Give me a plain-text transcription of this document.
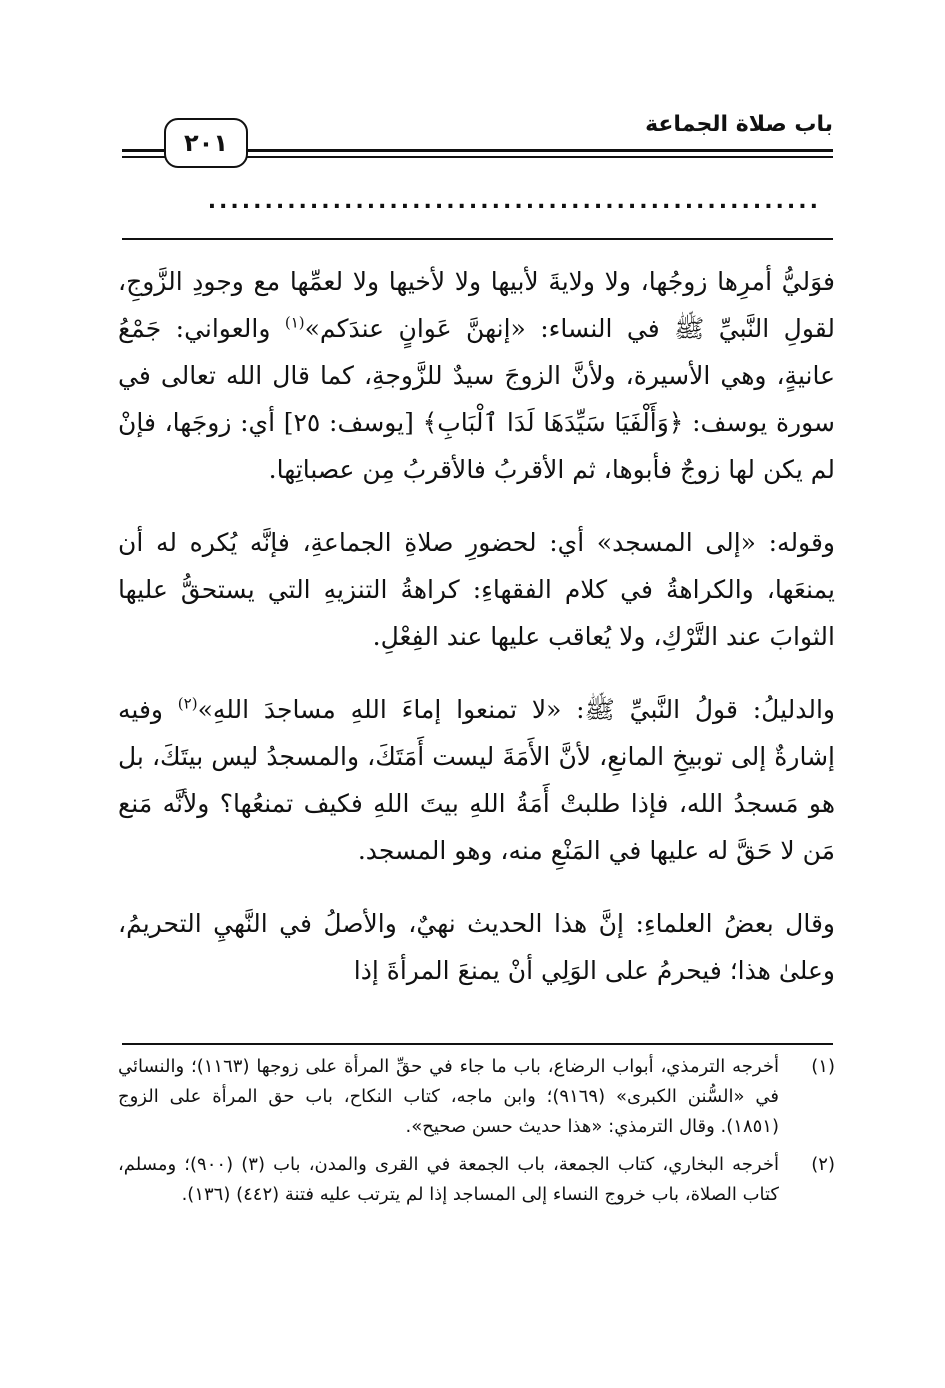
٢٠١
باب صلاة الجماعة
......................................................

فوَليُّ أمرِها زوجُها، ولا ولايةَ لأبيها ولا لأخيها ولا لعمِّها مع وجودِ الزَّوجِ، لقولِ النَّبيِّ ﷺ في النساء: «إنهنَّ عَوانٍ عندَكم»$^{(١)}$ والعواني: جَمْعُ عانيةٍ، وهي الأسيرة، ولأنَّ الزوجَ سيدٌ للزَّوجةِ، كما قال الله تعالى في سورة يوسف: ﴿وَأَلْفَيَا سَيِّدَهَا لَدَا ٱلْبَابِ﴾ [يوسف: ٢٥] أي: زوجَها، فإنْ لم يكن لها زوجٌ فأبوها، ثم الأقربُ فالأقربُ مِن عصباتِها.

وقوله: «إلى المسجد» أي: لحضورِ صلاةِ الجماعةِ، فإنَّه يُكره له أن يمنعَها، والكراهةُ في كلام الفقهاءِ: كراهةُ التنزيهِ التي يستحقُّ عليها الثوابَ عند التَّرْكِ، ولا يُعاقب عليها عند الفِعْلِ.

والدليلُ: قولُ النَّبيِّ ﷺ: «لا تمنعوا إماءَ اللهِ مساجدَ اللهِ»$^{(٢)}$ وفيه إشارةٌ إلى توبيخِ المانعِ، لأنَّ الأَمَةَ ليست أَمَتَكَ، والمسجدُ ليس بيتَكَ، بل هو مَسجدُ الله، فإذا طلبتْ أَمَةُ اللهِ بيتَ اللهِ فكيف تمنعُها؟ ولأنَّه مَنع مَن لا حَقَّ له عليها في المَنْعِ منه، وهو المسجد.

وقال بعضُ العلماءِ: إنَّ هذا الحديث نهيٌ، والأصلُ في النَّهيِ التحريمُ، وعلىٰ هذا؛ فيحرمُ على الوَلِي أنْ يمنعَ المرأةَ إذا

(١)
أخرجه الترمذي، أبواب الرضاع، باب ما جاء في حقِّ المرأة على زوجها (١١٦٣)؛ والنسائي في «السُّنن الكبرى» (٩١٦٩)؛ وابن ماجه، كتاب النكاح، باب حق المرأة على الزوج (١٨٥١). وقال الترمذي: «هذا حديث حسن صحيح».
(٢)
أخرجه البخاري، كتاب الجمعة، باب الجمعة في القرى والمدن، باب (٣) (٩٠٠)؛ ومسلم، كتاب الصلاة، باب خروج النساء إلى المساجد إذا لم يترتب عليه فتنة (٤٤٢) (١٣٦).
